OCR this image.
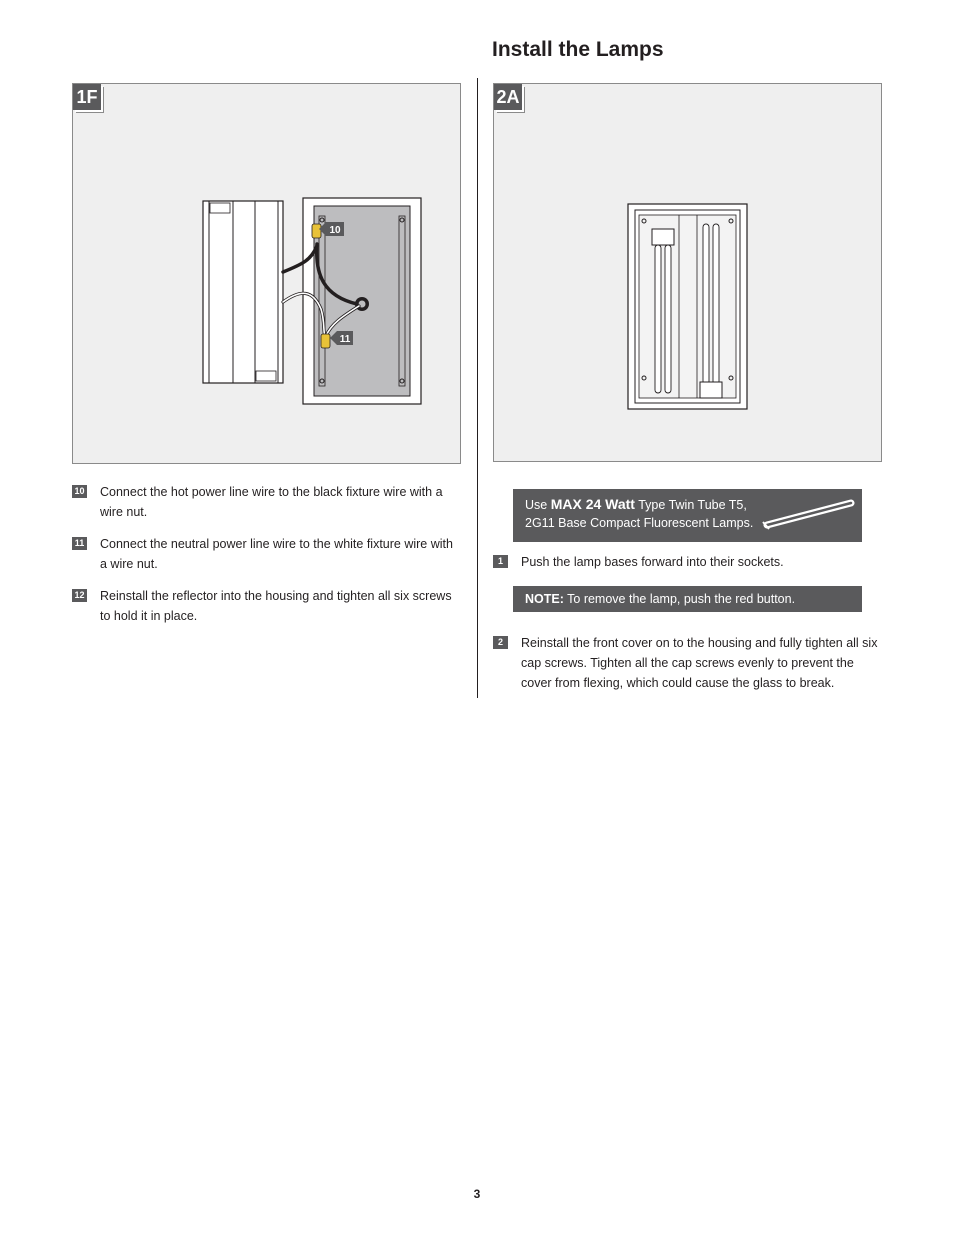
Install the Lamps
10
11
1F
10 Connect the hot power line wire to the black fixture wire with a wire nut.
11 Connect the neutral power line wire to the white fixture wire with a wire nut.
12 Reinstall the reflector into the housing and tighten all six screws to hold it in place.
2A
Use MAX 24 Watt Type Twin Tube T5,
2G11 Base Compact Fluorescent Lamps.
1	Push the lamp bases forward into their sockets.
NOTE: To remove the lamp, push the red button.
2	Reinstall the front cover on to the housing and fully tighten all six cap screws. Tighten all the cap screws evenly to prevent the cover from flexing, which could cause the glass to break.
3
